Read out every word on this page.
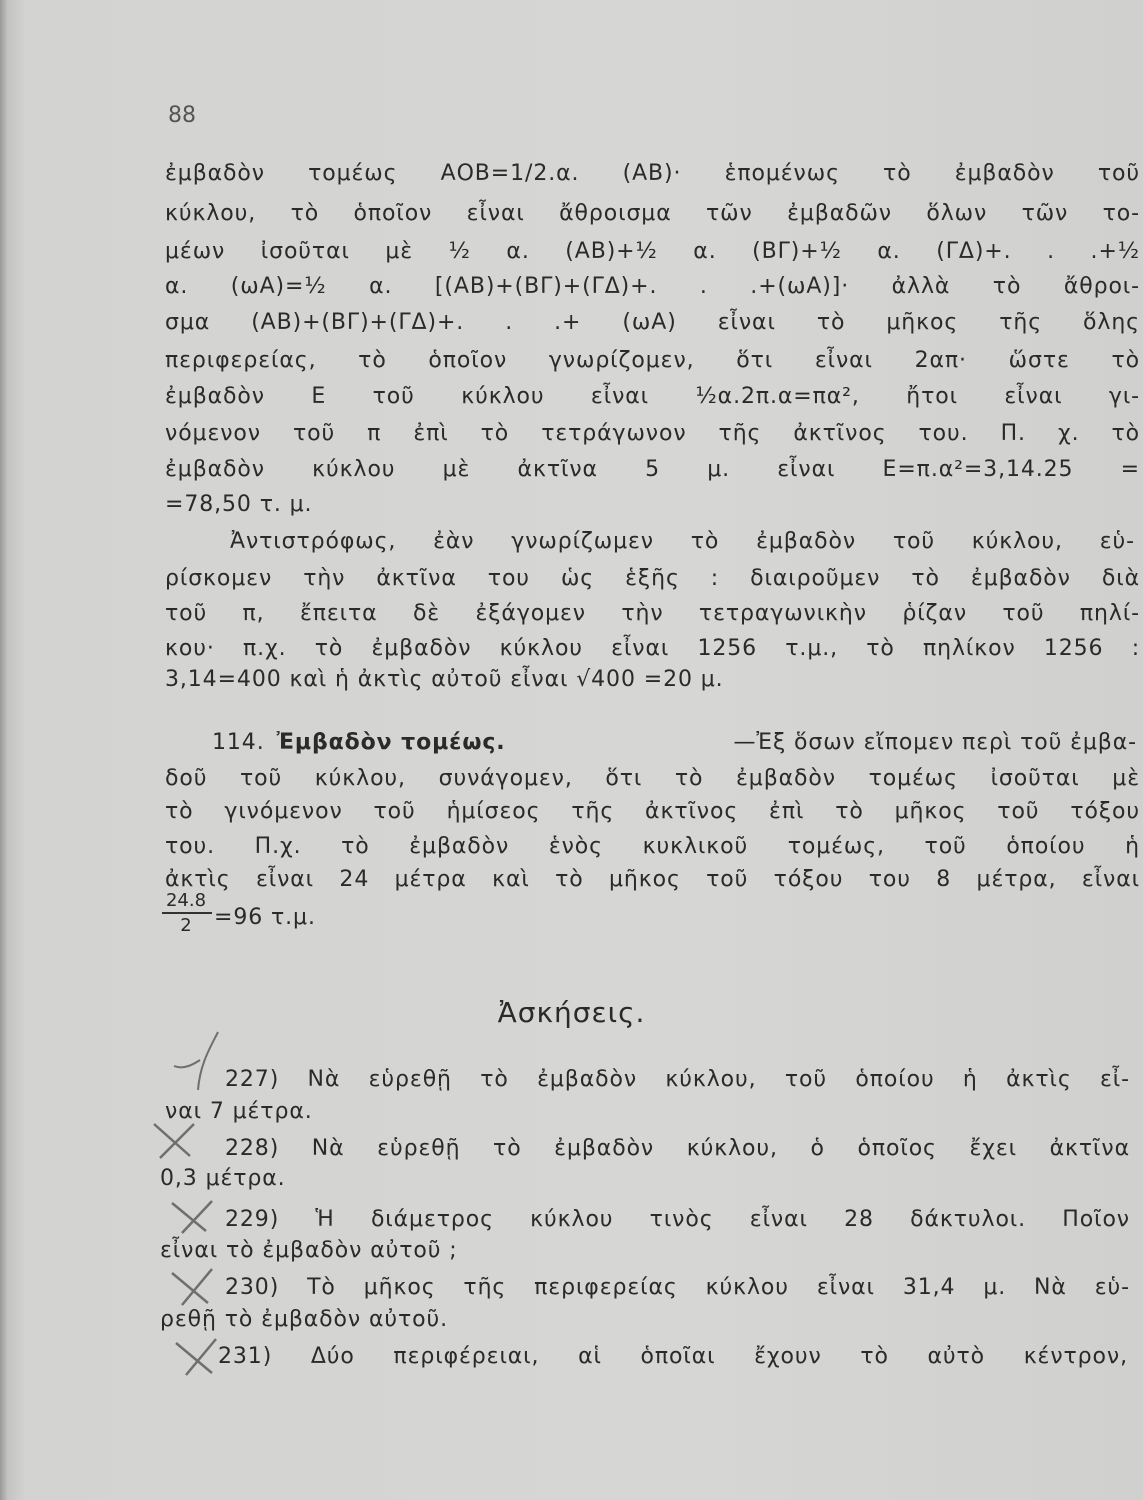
88
ἐμβαδὸν τομέως ΑΟΒ=1/2.α. (ΑΒ)· ἑπομένως τὸ ἐμβαδὸν τοῦ
κύκλου, τὸ ὁποῖον εἶναι ἄθροισμα τῶν ἐμβαδῶν ὅλων τῶν το-
μέων ἰσοῦται μὲ ½ α. (ΑΒ)+½ α. (ΒΓ)+½ α. (ΓΔ)+. . .+½
α. (ωΑ)=½ α. [(ΑΒ)+(ΒΓ)+(ΓΔ)+. . .+(ωΑ)]· ἀλλὰ τὸ ἄθροι-
σμα (ΑΒ)+(ΒΓ)+(ΓΔ)+. . .+ (ωΑ) εἶναι τὸ μῆκος τῆς ὅλης
περιφερείας, τὸ ὁποῖον γνωρίζομεν, ὅτι εἶναι 2απ· ὥστε τὸ
ἐμβαδὸν Ε τοῦ κύκλου εἶναι ½α.2π.α=πα², ἤτοι εἶναι γι-
νόμενον τοῦ π ἐπὶ τὸ τετράγωνον τῆς ἀκτῖνος του. Π. χ. τὸ
ἐμβαδὸν κύκλου μὲ ἀκτῖνα 5 μ. εἶναι Ε=π.α²=3,14.25 =
=78,50 τ. μ.
Ἀντιστρόφως, ἐὰν γνωρίζωμεν τὸ ἐμβαδὸν τοῦ κύκλου, εὑ-
ρίσκομεν τὴν ἀκτῖνα του ὡς ἑξῆς : διαιροῦμεν τὸ ἐμβαδὸν διὰ
τοῦ π, ἔπειτα δὲ ἐξάγομεν τὴν τετραγωνικὴν ῥίζαν τοῦ πηλί-
κου· π.χ. τὸ ἐμβαδὸν κύκλου εἶναι 1256 τ.μ., τὸ πηλίκον 1256 :
3,14=400 καὶ ἡ ἀκτὶς αὐτοῦ εἶναι √400 =20 μ.
114. Ἐμβαδὸν τομέως.	—Ἐξ ὅσων εἴπομεν περὶ τοῦ ἐμβα-
δοῦ τοῦ κύκλου, συνάγομεν, ὅτι τὸ ἐμβαδὸν τομέως ἰσοῦται μὲ
τὸ γινόμενον τοῦ ἡμίσεος τῆς ἀκτῖνος ἐπὶ τὸ μῆκος τοῦ τόξου
του. Π.χ. τὸ ἐμβαδὸν ἑνὸς κυκλικοῦ τομέως, τοῦ ὁποίου ἡ
ἀκτὶς εἶναι 24 μέτρα καὶ τὸ μῆκος τοῦ τόξου του 8 μέτρα, εἶναι
24.8
2	=96 τ.μ.
Ἀσκήσεις.
227) Νὰ εὑρεθῇ τὸ ἐμβαδὸν κύκλου, τοῦ ὁποίου ἡ ἀκτὶς εἶ-
ναι 7 μέτρα.
228) Νὰ εὑρεθῇ τὸ ἐμβαδὸν κύκλου, ὁ ὁποῖος ἔχει ἀκτῖνα
0,3 μέτρα.
229) Ἡ διάμετρος κύκλου τινὸς εἶναι 28 δάκτυλοι. Ποῖον
εἶναι τὸ ἐμβαδὸν αὐτοῦ ;
230) Τὸ μῆκος τῆς περιφερείας κύκλου εἶναι 31,4 μ. Νὰ εὑ-
ρεθῇ τὸ ἐμβαδὸν αὐτοῦ.
231) Δύο περιφέρειαι, αἱ ὁποῖαι ἔχουν τὸ αὐτὸ κέντρον,
